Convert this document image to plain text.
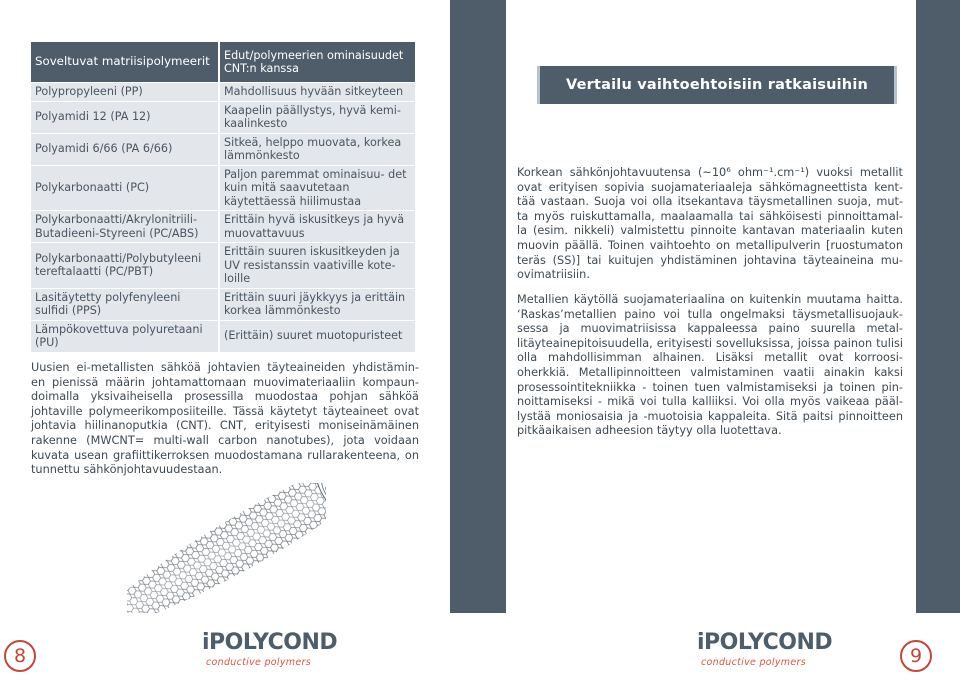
Soveltuvat matriisipolymeerit	Edut/polymeerien ominaisuudet
CNT:n kanssa
Polypropyleeni (PP)	Mahdollisuus hyvään sitkeyteen
Polyamidi 12 (PA 12)	Kaapelin päällystys, hyvä kemi- kaalinkesto
Polyamidi 6/66 (PA 6/66)	Sitkeä, helppo muovata, korkea lämmönkesto
Polykarbonaatti (PC)	Paljon paremmat ominaisuu- det kuin mitä saavutetaan käytettäessä hiilimustaa
Polykarbonaatti/Akrylonitriili- Butadieeni-Styreeni (PC/ABS)	Erittäin hyvä iskusitkeys ja hyvä muovattavuus
Polykarbonaatti/Polybutyleeni tereftalaatti (PC/PBT)	Erittäin suuren iskusitkeyden ja UV resistanssin vaativille kote- loille
Lasitäytetty polyfenyleeni sulfidi (PPS)	Erittäin suuri jäykkyys ja erittäin korkea lämmönkesto
Lämpökovettuva polyuretaani (PU)	(Erittäin) suuret muotopuristeet
Uusien ei-metallisten sähköä johtavien täyteaineiden yhdistämin- en pienissä määrin johtamattomaan muovimateriaaliin kompaun- doimalla yksivaiheisella prosessilla muodostaa pohjan sähköä johtaville polymeerikomposiiteille. Tässä käytetyt täyteaineet ovat johtavia hiilinanoputkia (CNT). CNT, erityisesti moniseinämäinen rakenne (MWCNT= multi-wall carbon nanotubes), jota voidaan kuvata usean grafiittikerroksen muodostamana rullarakenteena, on tunnettu sähkönjohtavuudestaan.
Vertailu vaihtoehtoisiin ratkaisuihin
Korkean sähkönjohtavuutensa (~10⁶ ohm⁻¹.cm⁻¹) vuoksi metallit ovat erityisen sopivia suojamateriaaleja sähkömagneettista kent- tää vastaan. Suoja voi olla itsekantava täysmetallinen suoja, mut- ta myös ruiskuttamalla, maalaamalla tai sähköisesti pinnoittamal- la (esim. nikkeli) valmistettu pinnoite kantavan materiaalin kuten muovin päällä. Toinen vaihtoehto on metallipulverin [ruostumaton teräs (SS)] tai kuitujen yhdistäminen johtavina täyteaineina mu- ovimatriisiin.
Metallien käytöllä suojamateriaalina on kuitenkin muutama haitta. ‘Raskas’metallien paino voi tulla ongelmaksi täysmetallisuojauk- sessa ja muovimatriisissa kappaleessa paino suurella metal- litäyteainepitoisuudella, erityisesti sovelluksissa, joissa painon tulisi olla mahdollisimman alhainen. Lisäksi metallit ovat korroosi- oherkkiä. Metallipinnoitteen valmistaminen vaatii ainakin kaksi prosessointitekniikka - toinen tuen valmistamiseksi ja toinen pin- noittamiseksi - mikä voi tulla kalliiksi. Voi olla myös vaikeaa pääl- lystää moniosaisia ja -muotoisia kappaleita. Sitä paitsi pinnoitteen pitkäaikaisen adheesion täytyy olla luotettava.
8	9
iPOLYCOND
conductive polymers
iPOLYCOND
conductive polymers
